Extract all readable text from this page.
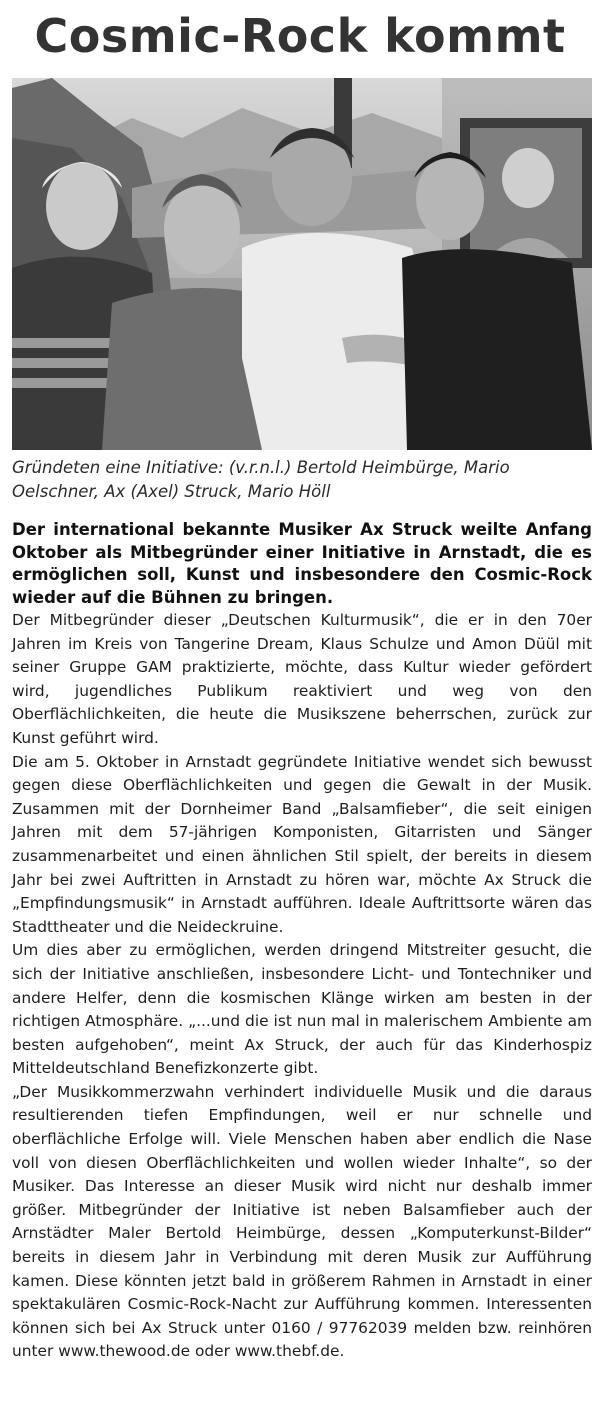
Cosmic-Rock kommt

Gründeten eine Initiative: (v.r.n.l.) Bertold Heimbürge, Mario Oelschner, Ax (Axel) Struck, Mario Höll

Der international bekannte Musiker Ax Struck weilte Anfang Oktober als Mitbegründer einer Initiative in Arnstadt, die es ermöglichen soll, Kunst und insbesondere den Cosmic-Rock wieder auf die Bühnen zu bringen.

Der Mitbegründer dieser „Deutschen Kulturmusik“, die er in den 70er Jahren im Kreis von Tangerine Dream, Klaus Schulze und Amon Düül mit seiner Gruppe GAM praktizierte, möchte, dass Kultur wieder gefördert wird, jugendliches Publikum reaktiviert und weg von den Oberflächlichkeiten, die heute die Musikszene beherrschen, zurück zur Kunst geführt wird.

Die am 5. Oktober in Arnstadt gegründete Initiative wendet sich bewusst gegen diese Oberflächlichkeiten und gegen die Gewalt in der Musik. Zusammen mit der Dornheimer Band „Balsamfieber“, die seit einigen Jahren mit dem 57-jährigen Komponisten, Gitarristen und Sänger zusammenarbeitet und einen ähnlichen Stil spielt, der bereits in diesem Jahr bei zwei Auftritten in Arnstadt zu hören war, möchte Ax Struck die „Empfindungsmusik“ in Arnstadt aufführen. Ideale Auftrittsorte wären das Stadttheater und die Neideckruine.

Um dies aber zu ermöglichen, werden dringend Mitstreiter gesucht, die sich der Initiative anschließen, insbesondere Licht- und Tontechniker und andere Helfer, denn die kosmischen Klänge wirken am besten in der richtigen Atmosphäre. „...und die ist nun mal in malerischem Ambiente am besten aufgehoben“, meint Ax Struck, der auch für das Kinderhospiz Mitteldeutschland Benefizkonzerte gibt.

„Der Musikkommerzwahn verhindert individuelle Musik und die daraus resultierenden tiefen Empfindungen, weil er nur schnelle und oberflächliche Erfolge will. Viele Menschen haben aber endlich die Nase voll von diesen Oberflächlichkeiten und wollen wieder Inhalte“, so der Musiker. Das Interesse an dieser Musik wird nicht nur deshalb immer größer. Mitbegründer der Initiative ist neben Balsamfieber auch der Arnstädter Maler Bertold Heimbürge, dessen „Komputerkunst-Bilder“ bereits in diesem Jahr in Verbindung mit deren Musik zur Aufführung kamen. Diese könnten jetzt bald in größerem Rahmen in Arnstadt in einer spektakulären Cosmic-Rock-Nacht zur Aufführung kommen. Interessenten können sich bei Ax Struck unter 0160 / 97762039 melden bzw. reinhören unter www.thewood.de oder www.thebf.de.
